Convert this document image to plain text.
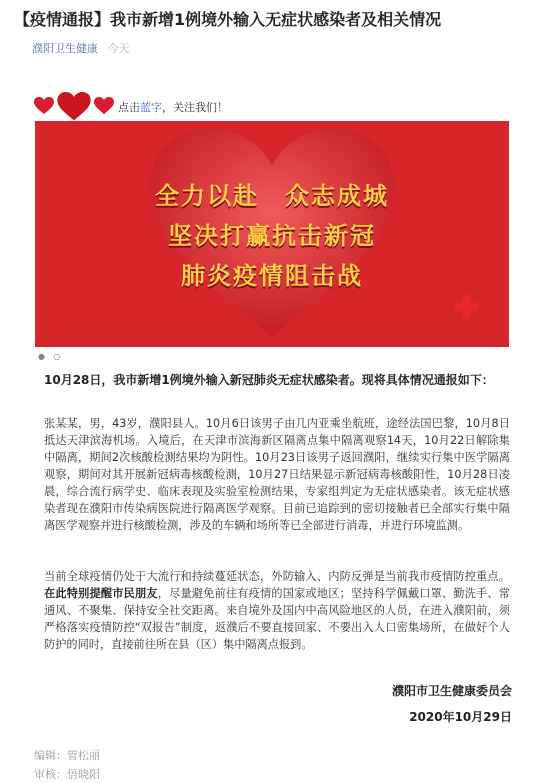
【疫情通报】我市新增1例境外输入无症状感染者及相关情况
濮阳卫生健康 今天
点击蓝字，关注我们！
全力以赴　众志成城
坚决打赢抗击新冠
肺炎疫情阻击战
● ○
10月28日，我市新增1例境外输入新冠肺炎无症状感染者。现将具体情况通报如下：
张某某，男，43岁，濮阳县人。10月6日该男子由几内亚乘坐航班，途经法国巴黎，10月8日抵达天津滨海机场。入境后，在天津市滨海新区隔离点集中隔离观察14天，10月22日解除集中隔离，期间2次核酸检测结果均为阴性。10月23日该男子返回濮阳，继续实行集中医学隔离观察，期间对其开展新冠病毒核酸检测，10月27日结果显示新冠病毒核酸阳性，10月28日凌晨，综合流行病学史、临床表现及实验室检测结果，专家组判定为无症状感染者。该无症状感染者现在濮阳市传染病医院进行隔离医学观察。目前已追踪到的密切接触者已全部实行集中隔离医学观察并进行核酸检测，涉及的车辆和场所等已全部进行消毒，并进行环境监测。
当前全球疫情仍处于大流行和持续蔓延状态，外防输入、内防反弹是当前我市疫情防控重点。在此特别提醒市民朋友，尽量避免前往有疫情的国家或地区；坚持科学佩戴口罩、勤洗手、常通风、不聚集、保持安全社交距离。来自境外及国内中高风险地区的人员，在进入濮阳前，须严格落实疫情防控“双报告”制度，返濮后不要直接回家、不要出入人口密集场所，在做好个人防护的同时，直接前往所在县（区）集中隔离点报到。
濮阳市卫生健康委员会
2020年10月29日
编辑：管松丽
审核：俉晓阳
